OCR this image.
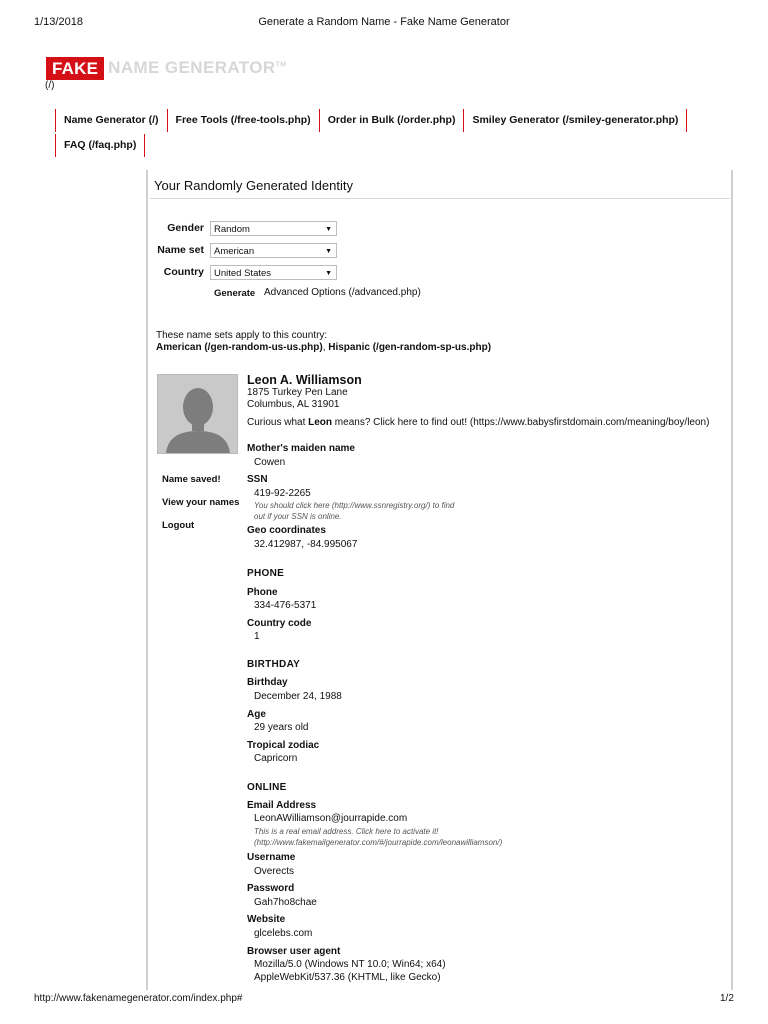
1/13/2018	Generate a Random Name - Fake Name Generator
FAKE NAME GENERATOR™
(/)
Name Generator (/)	Free Tools (/free-tools.php)	Order in Bulk (/order.php)	Smiley Generator (/smiley-generator.php)
FAQ (/faq.php)
Your Randomly Generated Identity
Gender	Random	▼
Name set	American	▼
Country	United States	▼
Generate Advanced Options (/advanced.php)
These name sets apply to this country:
American (/gen-random-us-us.php), Hispanic (/gen-random-sp-us.php)
Name saved!
View your names
Logout
Leon A. Williamson
1875 Turkey Pen Lane
Columbus, AL 31901
Curious what Leon means? Click here to find out! (https://www.babysfirstdomain.com/meaning/boy/leon)
Mother's maiden name
Cowen
SSN
419-92-2265
You should click here (http://www.ssnregistry.org/) to find
out if your SSN is online.
Geo coordinates
32.412987, -84.995067
PHONE
Phone
334-476-5371
Country code
1
BIRTHDAY
Birthday
December 24, 1988
Age
29 years old
Tropical zodiac
Capricorn
ONLINE
Email Address
LeonAWilliamson@jourrapide.com
This is a real email address. Click here to activate it!
(http://www.fakemailgenerator.com/#/jourrapide.com/leonawilliamson/)
Username
Overects
Password
Gah7ho8chae
Website
glcelebs.com
Browser user agent
Mozilla/5.0 (Windows NT 10.0; Win64; x64)
AppleWebKit/537.36 (KHTML, like Gecko)
http://www.fakenamegenerator.com/index.php#	1/2
